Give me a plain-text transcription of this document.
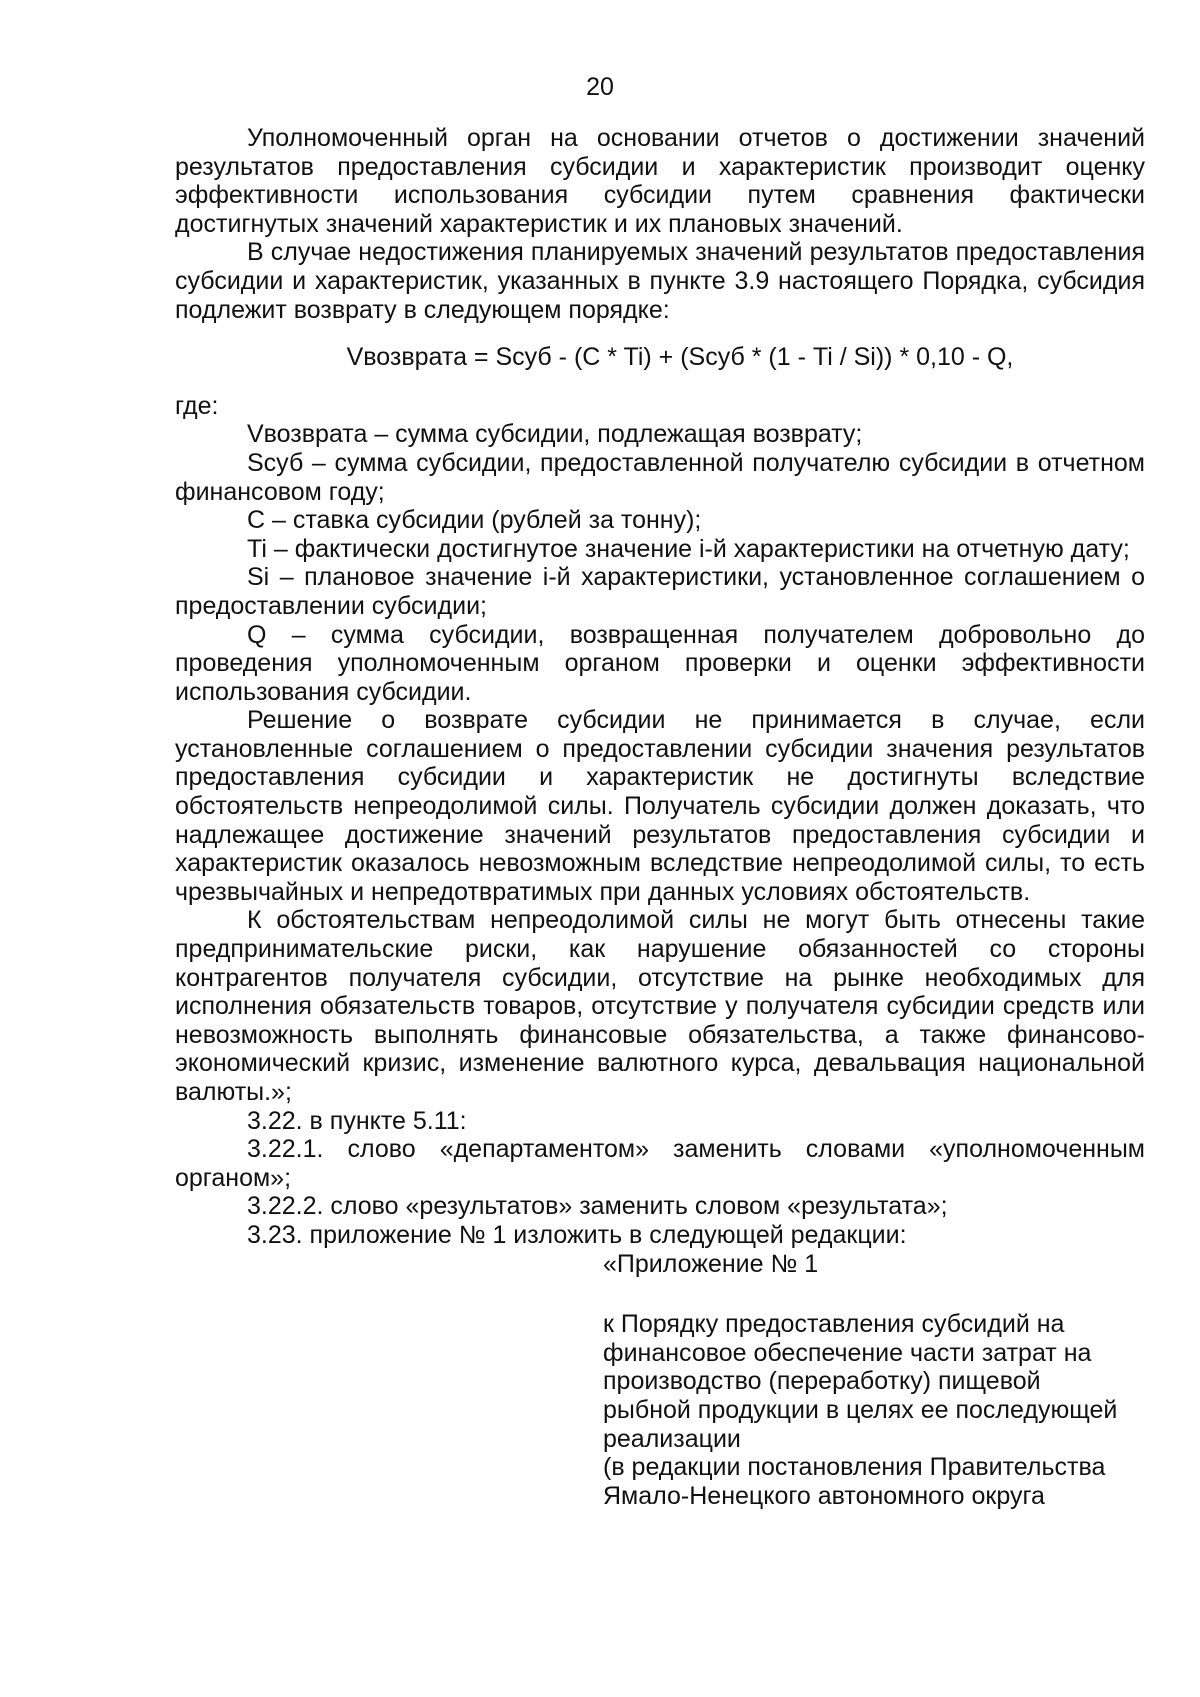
20

Уполномоченный орган на основании отчетов о достижении значений результатов предоставления субсидии и характеристик производит оценку эффективности использования субсидии путем сравнения фактически достигнутых значений характеристик и их плановых значений.

В случае недостижения планируемых значений результатов предоставления субсидии и характеристик, указанных в пункте 3.9 настоящего Порядка, субсидия подлежит возврату в следующем порядке:

Vвозврата = Sсуб - (C * Ti) + (Sсуб * (1 - Ti / Si)) * 0,10 - Q,

где:

Vвозврата – сумма субсидии, подлежащая возврату;

Sсуб – сумма субсидии, предоставленной получателю субсидии в отчетном финансовом году;

C – ставка субсидии (рублей за тонну);

Ti – фактически достигнутое значение i-й характеристики на отчетную дату;

Si – плановое значение i-й характеристики, установленное соглашением о предоставлении субсидии;

Q – сумма субсидии, возвращенная получателем добровольно до проведения уполномоченным органом проверки и оценки эффективности использования субсидии.

Решение о возврате субсидии не принимается в случае, если установленные соглашением о предоставлении субсидии значения результатов предоставления субсидии и характеристик не достигнуты вследствие обстоятельств непреодолимой силы. Получатель субсидии должен доказать, что надлежащее достижение значений результатов предоставления субсидии и характеристик оказалось невозможным вследствие непреодолимой силы, то есть чрезвычайных и непредотвратимых при данных условиях обстоятельств.

К обстоятельствам непреодолимой силы не могут быть отнесены такие предпринимательские риски, как нарушение обязанностей со стороны контрагентов получателя субсидии, отсутствие на рынке необходимых для исполнения обязательств товаров, отсутствие у получателя субсидии средств или невозможность выполнять финансовые обязательства, а также финансово-экономический кризис, изменение валютного курса, девальвация национальной валюты.»;

3.22. в пункте 5.11:

3.22.1. слово «департаментом» заменить словами «уполномоченным органом»;

3.22.2. слово «результатов» заменить словом «результата»;

3.23. приложение № 1 изложить в следующей редакции:

«Приложение № 1

к Порядку предоставления субсидий на
финансовое обеспечение части затрат на
производство (переработку) пищевой
рыбной продукции в целях ее последующей
реализации
(в редакции постановления Правительства
Ямало-Ненецкого автономного округа
